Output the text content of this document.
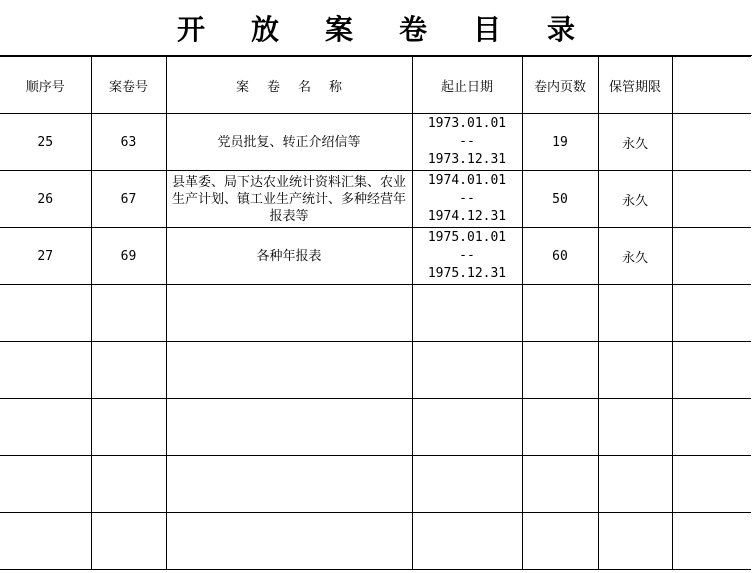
开放案卷目录
顺序号	案卷号	案卷名称	起止日期	卷内页数	保管期限	
25	63	党员批复、转正介绍信等	1973.01.01
--
1973.12.31	19	永久	
26	67	县革委、局下达农业统计资料汇集、农业生产计划、镇工业生产统计、多种经营年报表等	1974.01.01
--
1974.12.31	50	永久	
27	69	各种年报表	1975.01.01
--
1975.12.31	60	永久	
